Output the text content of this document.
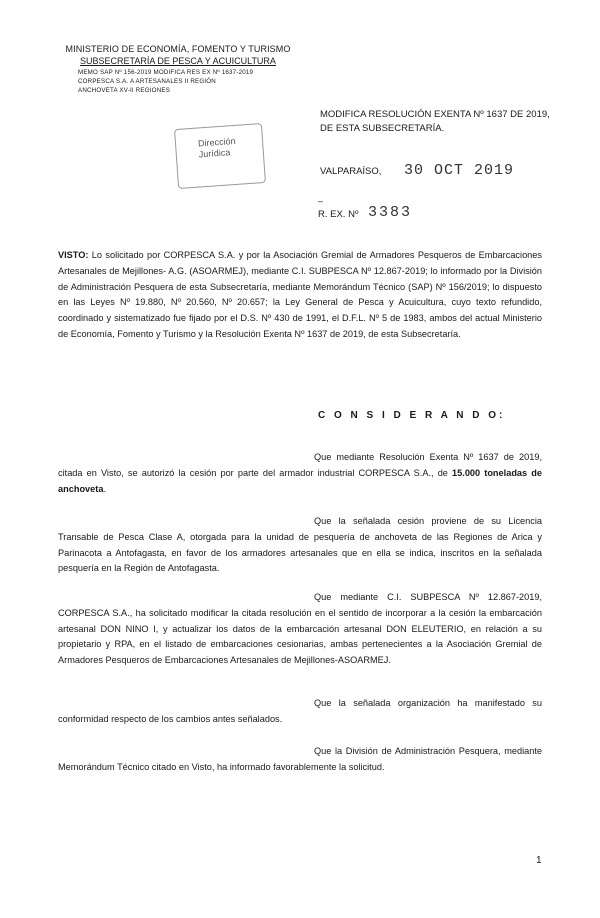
MINISTERIO DE ECONOMÍA, FOMENTO Y TURISMO
SUBSECRETARÍA DE PESCA Y ACUICULTURA
MEMO SAP Nº 156-2019 MODIFICA RES EX Nº 1637-2019
CORPESCA S.A. A ARTESANALES II REGIÓN
ANCHOVETA XV-II REGIONES
Dirección
Jurídica
MODIFICA RESOLUCIÓN EXENTA Nº 1637 DE 2019, DE ESTA SUBSECRETARÍA.
VALPARAÍSO, 30 OCT 2019
–
R. EX. Nº 3383
VISTO: Lo solicitado por CORPESCA S.A. y por la Asociación Gremial de Armadores Pesqueros de Embarcaciones Artesanales de Mejillones- A.G. (ASOARMEJ), mediante C.I. SUBPESCA Nº 12.867-2019; lo informado por la División de Administración Pesquera de esta Subsecretaría, mediante Memorándum Técnico (SAP) Nº 156/2019; lo dispuesto en las Leyes Nº 19.880, Nº 20.560, Nº 20.657; la Ley General de Pesca y Acuicultura, cuyo texto refundido, coordinado y sistematizado fue fijado por el D.S. Nº 430 de 1991, el D.F.L. Nº 5 de 1983, ambos del actual Ministerio de Economía, Fomento y Turismo y la Resolución Exenta Nº 1637 de 2019, de esta Subsecretaría.
C O N S I D E R A N D O:
Que mediante Resolución Exenta Nº 1637 de 2019, citada en Visto, se autorizó la cesión por parte del armador industrial CORPESCA S.A., de 15.000 toneladas de anchoveta.
Que la señalada cesión proviene de su Licencia Transable de Pesca Clase A, otorgada para la unidad de pesquería de anchoveta de las Regiones de Arica y Parinacota a Antofagasta, en favor de los armadores artesanales que en ella se indica, inscritos en la señalada pesquería en la Región de Antofagasta.
Que mediante C.I. SUBPESCA Nº 12.867-2019, CORPESCA S.A., ha solicitado modificar la citada resolución en el sentido de incorporar a la cesión la embarcación artesanal DON NINO I, y actualizar los datos de la embarcación artesanal DON ELEUTERIO, en relación a su propietario y RPA, en el listado de embarcaciones cesionarias, ambas pertenecientes a la Asociación Gremial de Armadores Pesqueros de Embarcaciones Artesanales de Mejillones-ASOARMEJ.
Que la señalada organización ha manifestado su conformidad respecto de los cambios antes señalados.
Que la División de Administración Pesquera, mediante Memorándum Técnico citado en Visto, ha informado favorablemente la solicitud.
1
